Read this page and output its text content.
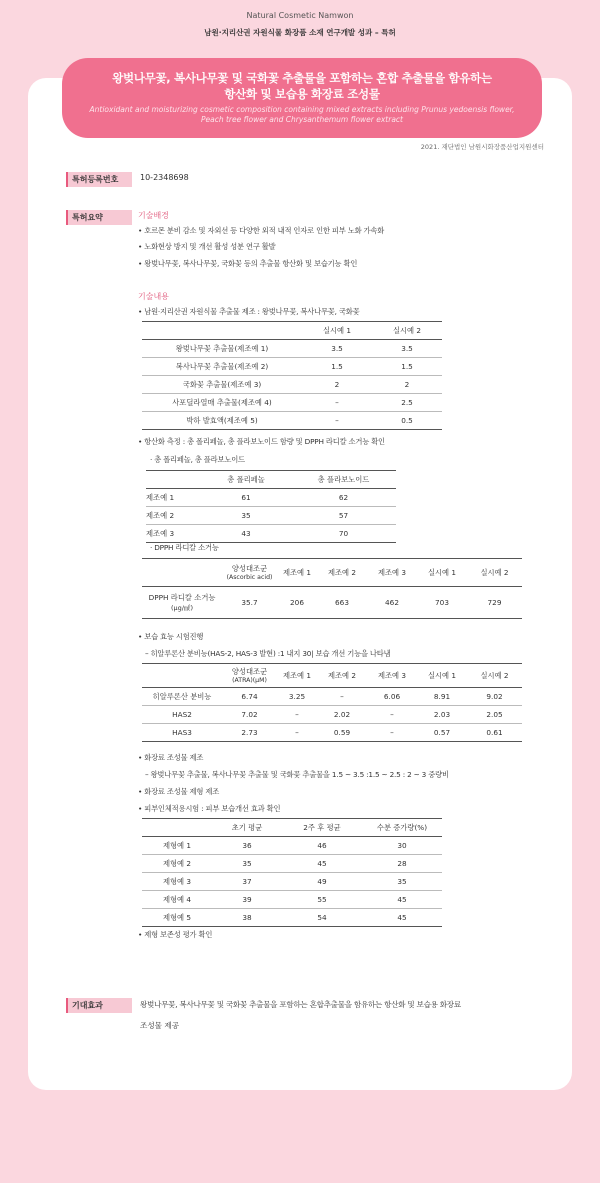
Natural Cosmetic Namwon
남원·지리산권 자원식물 화장품 소재 연구개발 성과 – 특허
왕벚나무꽃, 복사나무꽃 및 국화꽃 추출물을 포함하는 혼합 추출물을 함유하는
항산화 및 보습용 화장료 조성물
Antioxidant and moisturizing cosmetic composition containing mixed extracts including Prunus yedoensis flower, Peach tree flower and Chrysanthemum flower extract
2021. 재단법인 남원시화장품산업지원센터
특허등록번호	10-2348698
특허요약	기술배경
• 호르몬 분비 감소 및 자외선 등 다양한 외적 내적 인자로 인한 피부 노화 가속화
• 노화현상 방지 및 개선 활성 성분 연구 활발
• 왕벚나무꽃, 복사나무꽃, 국화꽃 등의 추출물 항산화 및 보습기능 확인
기술내용
• 남원·지리산권 자원식물 추출물 제조 : 왕벚나무꽃, 복사나무꽃, 국화꽃
	실시예 1	실시예 2
왕벚나무꽃 추출물(제조예 1)	3.5	3.5
복사나무꽃 추출물(제조예 2)	1.5	1.5
국화꽃 추출물(제조예 3)	2	2
사포딜라열매 추출물(제조예 4)	–	2.5
박하 발효액(제조예 5)	–	0.5
• 항산화 측정 : 총 폴리페놀, 총 플라보노이드 함량 및 DPPH 라디칼 소거능 확인
· 총 폴리페놀, 총 플라보노이드
	총 폴리페놀	총 플라보노이드
제조예 1	61	62
제조예 2	35	57
제조예 3	43	70
· DPPH 라디칼 소거능

	양성대조군
(Ascorbic acid)	제조예 1	제조예 2	제조예 3	실시예 1	실시예 2

DPPH 라디칼 소거능
(μg/㎖)	35.7	206	663	462	703	729
• 보습 효능 시험진행
– 히알루론산 분비능(HAS-2, HAS-3 발현) :1 내지 30| 보습 개선 기능을 나타냄

	양성대조군
(ATRA)(μM)	제조예 1	제조예 2	제조예 3	실시예 1	실시예 2
히알루론산 분비능	6.74	3.25	–	6.06	8.91	9.02
HAS2	7.02	–	2.02	–	2.03	2.05
HAS3	2.73	–	0.59	–	0.57	0.61
• 화장료 조성물 제조
– 왕벚나무꽃 추출물, 복사나무꽃 추출물 및 국화꽃 추출물을 1.5 ~ 3.5 :1.5 ~ 2.5 : 2 ~ 3 중량비
• 화장료 조성물 제형 제조
• 피부인체적용시험 : 피부 보습개선 효과 확인
	초기 평균	2주 후 평균	수분 증가량(%)
제형예 1	36	46	30
제형예 2	35	45	28
제형예 3	37	49	35
제형예 4	39	55	45
제형예 5	38	54	45
• 제형 보존성 평가 확인
기대효과	왕벚나무꽃, 복사나무꽃 및 국화꽃 추출물을 포함하는 혼합추출물을 함유하는 항산화 및 보습용 화장료
조성물 제공
